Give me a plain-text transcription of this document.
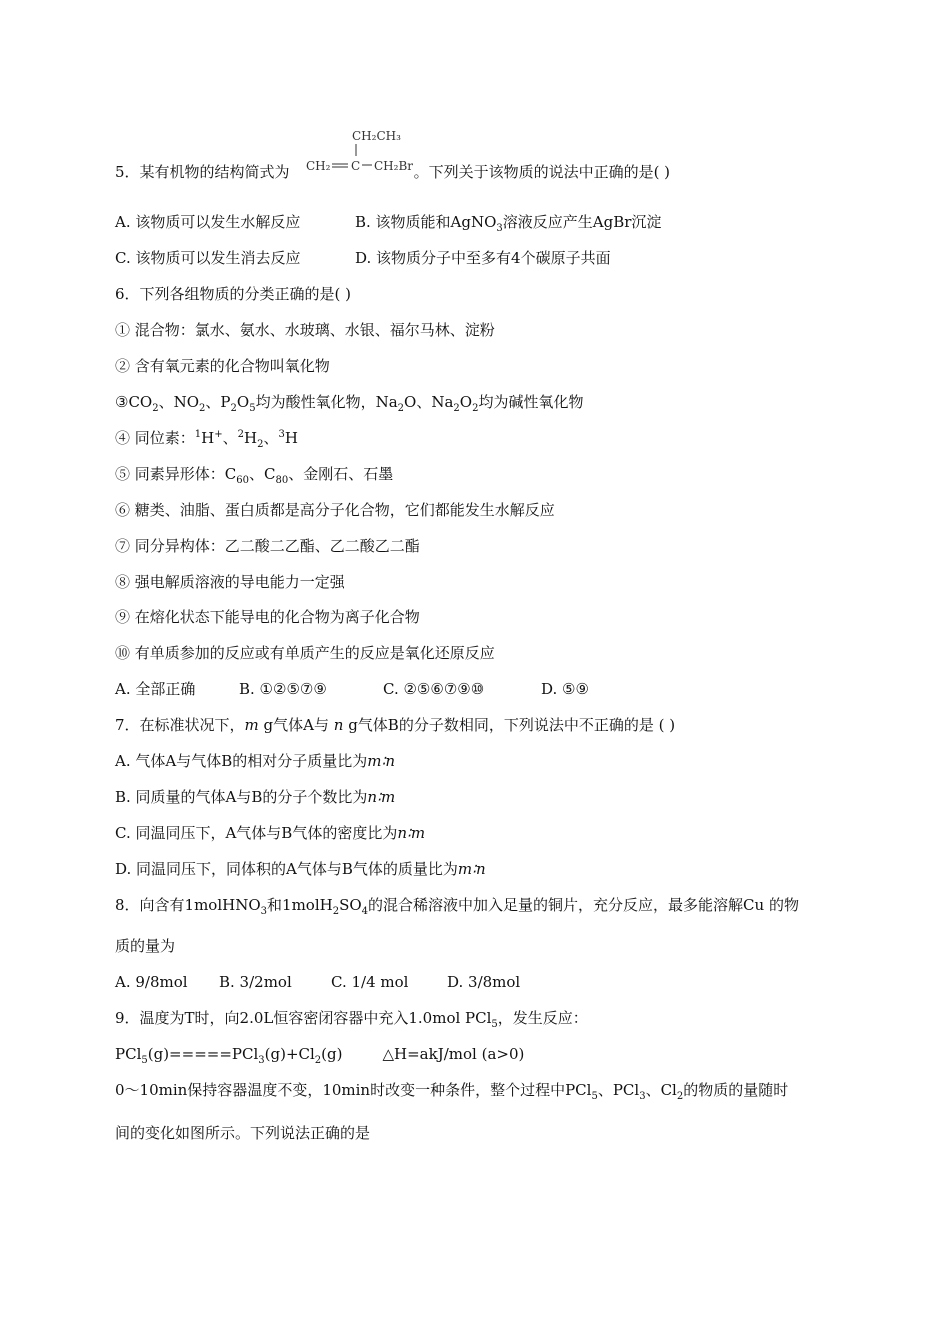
CH₂CH₃
CH₂ C CH₂Br
5．某有机物的结构简式为	。下列关于该物质的说法中正确的是( )
A. 该物质可以发生水解反应	B. 该物质能和AgNO$_3$溶液反应产生AgBr沉淀
C. 该物质可以发生消去反应	D. 该物质分子中至多有4个碳原子共面
6．下列各组物质的分类正确的是( )
① 混合物：氯水、氨水、水玻璃、水银、福尔马林、淀粉
② 含有氧元素的化合物叫氧化物
$③CO_2$、$NO_2$、$P_2O_5$均为酸性氧化物，$Na_2O$、$Na_2O_2$均为碱性氧化物
④ 同位素：$^1$H+、$^2H_2$、$^3$H
⑤ 同素异形体：$C_{60}$、$C_{80}$、金刚石、石墨
⑥ 糖类、油脂、蛋白质都是高分子化合物，它们都能发生水解反应
⑦ 同分异构体：乙二酸二乙酯、乙二酸乙二酯
⑧ 强电解质溶液的导电能力一定强
⑨ 在熔化状态下能导电的化合物为离子化合物
⑩ 有单质参加的反应或有单质产生的反应是氧化还原反应
A. 全部正确	B. ①②⑤⑦⑨	C. ②⑤⑥⑦⑨⑩	D. ⑤⑨
7．在标准状况下，m g气体A与 n g气体B的分子数相同，下列说法中不正确的是 ( )
A. 气体A与气体B的相对分子质量比为m∶n
B. 同质量的气体A与B的分子个数比为n∶m
C. 同温同压下，A气体与B气体的密度比为n∶m
D. 同温同压下，同体积的A气体与B气体的质量比为m∶n
8．向含有1molHNO$_3$和$1molH_2SO_4$的混合稀溶液中加入足量的铜片，充分反应，最多能溶解Cu 的物
质的量为
A. 9/8mol B. 3/2mol	C. 1/4 mol	D. 3/8mol
9．温度为T时，向2.0L恒容密闭容器中充入1.0mol PCl$_5$，发生反应：
$PCl_5(g)=====PCl_3(g)+Cl_2(g)$	△H=akJ/mol (a>0)
0～10min保持容器温度不变，10min时改变一种条件，整个过程中PCl$_5$、PCl$_3$、$Cl_2$的物质的量随时
间的变化如图所示。下列说法正确的是
